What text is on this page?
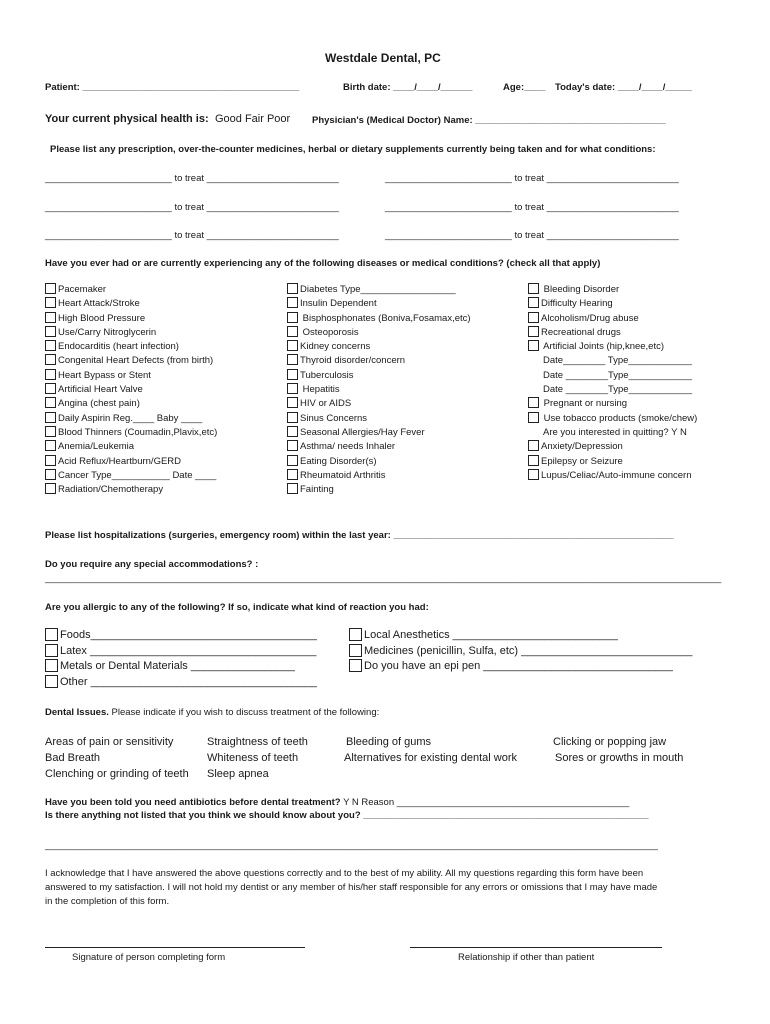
Westdale Dental, PC
Patient: _________________________________________	Birth date: ____/____/______	Age:____ Today's date: ____/____/_____
Your current physical health is: Good Fair Poor Physician's (Medical Doctor) Name: ____________________________________
Please list any prescription, over-the-counter medicines, herbal or dietary supplements currently being taken and for what conditions:
________________________ to treat _________________________	________________________ to treat _________________________
________________________ to treat _________________________	________________________ to treat _________________________
________________________ to treat _________________________	________________________ to treat _________________________
Have you ever had or are currently experiencing any of the following diseases or medical conditions? (check all that apply)
Pacemaker
Heart Attack/Stroke
High Blood Pressure
Use/Carry Nitroglycerin
Endocarditis (heart infection)
Congenital Heart Defects (from birth)
Heart Bypass or Stent
Artificial Heart Valve
Angina (chest pain)
Daily Aspirin Reg.____ Baby ____
Blood Thinners (Coumadin,Plavix,etc)
Anemia/Leukemia
Acid Reflux/Heartburn/GERD
Cancer Type___________ Date ____
Radiation/Chemotherapy
Diabetes Type__________________
Insulin Dependent
Bisphosphonates (Boniva,Fosamax,etc)
Osteoporosis
Kidney concerns
Thyroid disorder/concern
Tuberculosis
Hepatitis
HIV or AIDS
Sinus Concerns
Seasonal Allergies/Hay Fever
Asthma/ needs Inhaler
Eating Disorder(s)
Rheumatoid Arthritis
Fainting
Bleeding Disorder
Difficulty Hearing
Alcoholism/Drug abuse
Recreational drugs
Artificial Joints (hip,knee,etc)
Date________ Type____________
Date ________Type____________
Date ________Type____________
Pregnant or nursing
Use tobacco products (smoke/chew)
Are you interested in quitting? Y N
Anxiety/Depression
Epilepsy or Seizure
Lupus/Celiac/Auto-immune concern
Please list hospitalizations (surgeries, emergency room) within the last year: _____________________________________________________
Do you require any special accommodations? :
________________________________________________________________________________________________________________________________
Are you allergic to any of the following? If so, indicate what kind of reaction you had:
Foods_____________________________________
Latex _____________________________________
Metals or Dental Materials _________________
Other _____________________________________
Local Anesthetics ___________________________
Medicines (penicillin, Sulfa, etc) ____________________________
Do you have an epi pen _______________________________
Dental Issues. Please indicate if you wish to discuss treatment of the following:
Areas of pain or sensitivity
Bad Breath
Clenching or grinding of teeth
Straightness of teeth
Whiteness of teeth
Sleep apnea
Bleeding of gums
Alternatives for existing dental work
Clicking or popping jaw
Sores or growths in mouth
Have you been told you need antibiotics before dental treatment? Y N Reason ____________________________________________
Is there anything not listed that you think we should know about you? ______________________________________________________
____________________________________________________________________________________________________________________
I acknowledge that I have answered the above questions correctly and to the best of my ability. All my questions regarding this form have been
answered to my satisfaction. I will not hold my dentist or any member of his/her staff responsible for any errors or omissions that I may have made
in the completion of this form.
Signature of person completing form	Relationship if other than patient
